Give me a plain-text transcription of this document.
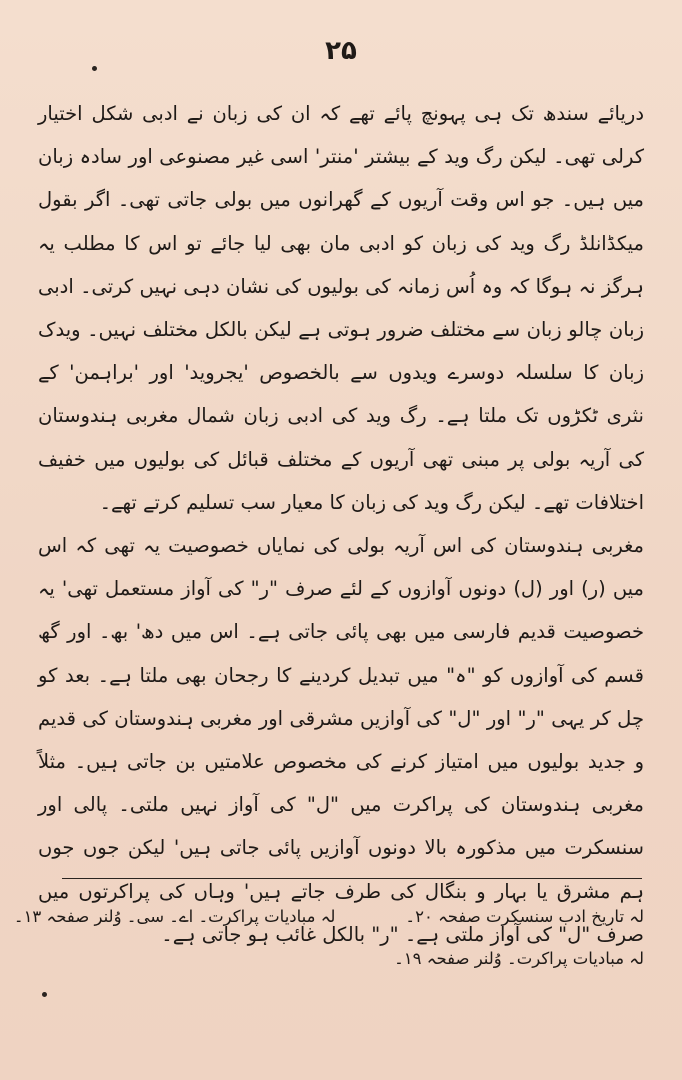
۲۵

دریائے سندھ تک ہی پہونچ پائے تھے کہ ان کی زبان نے ادبی شکل اختیار کرلی تھی۔ لیکن رگ وید کے بیشتر 'منتر' اسی غیر مصنوعی اور سادہ زبان میں ہیں۔ جو اس وقت آریوں کے گھرانوں میں بولی جاتی تھی۔ اگر بقول میکڈانلڈ رگ وید کی زبان کو ادبی مان بھی لیا جائے تو اس کا مطلب یہ ہرگز نہ ہوگا کہ وہ اُس زمانہ کی بولیوں کی نشان دہی نہیں کرتی۔ ادبی زبان چالو زبان سے مختلف ضرور ہوتی ہے لیکن بالکل مختلف نہیں۔ ویدک زبان کا سلسلہ دوسرے ویدوں سے بالخصوص 'یجروید' اور 'براہمن' کے نثری ٹکڑوں تک ملتا ہے۔ رگ وید کی ادبی زبان شمال مغربی ہندوستان کی آریہ بولی پر مبنی تھی آریوں کے مختلف قبائل کی بولیوں میں خفیف اختلافات تھے۔ لیکن رگ وید کی زبان کا معیار سب تسلیم کرتے تھے۔

مغربی ہندوستان کی اس آریہ بولی کی نمایاں خصوصیت یہ تھی کہ اس میں (ر) اور (ل) دونوں آوازوں کے لئے صرف "ر" کی آواز مستعمل تھی' یہ خصوصیت قدیم فارسی میں بھی پائی جاتی ہے۔ اس میں دھ' بھ۔ اور گھ قسم کی آوازوں کو "ہ" میں تبدیل کردینے کا رجحان بھی ملتا ہے۔ بعد کو چل کر یہی "ر" اور "ل" کی آوازیں مشرقی اور مغربی ہندوستان کی قدیم و جدید بولیوں میں امتیاز کرنے کی مخصوص علامتیں بن جاتی ہیں۔ مثلاً مغربی ہندوستان کی پراکرت میں "ل" کی آواز نہیں ملتی۔ پالی اور سنسکرت میں مذکورہ بالا دونوں آوازیں پائی جاتی ہیں' لیکن جوں جوں ہم مشرق یا بہار و بنگال کی طرف جاتے ہیں' وہاں کی پراکرتوں میں صرف "ل" کی آواز ملتی ہے۔ "ر" بالکل غائب ہو جاتی ہے۔

لہ تاریخ ادب سنسکرت صفحہ ۲۰۔
لہ مبادیات پراکرت۔ اے۔ سی۔ وُلنر صفحہ ۱۳۔
لہ مبادیات پراکرت۔ وُلنر صفحہ ۱۹۔
